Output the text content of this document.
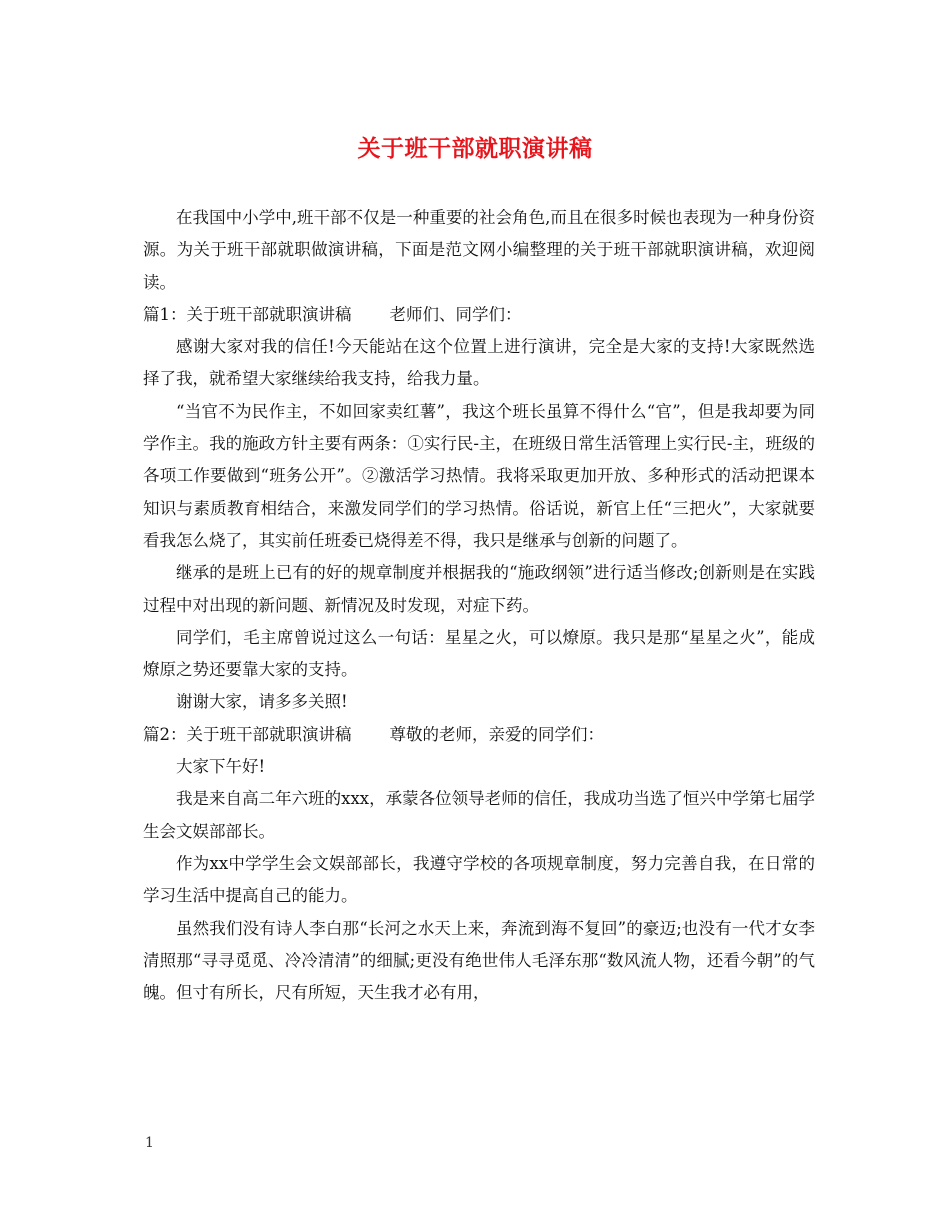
关于班干部就职演讲稿

在我国中小学中,班干部不仅是一种重要的社会角色,而且在很多时候也表现为一种身份资源。为关于班干部就职做演讲稿，下面是范文网小编整理的关于班干部就职演讲稿，欢迎阅读。

篇1：关于班干部就职演讲稿 老师们、同学们：

感谢大家对我的信任!今天能站在这个位置上进行演讲，完全是大家的支持!大家既然选择了我，就希望大家继续给我支持，给我力量。

“当官不为民作主，不如回家卖红薯”，我这个班长虽算不得什么“官”，但是我却要为同学作主。我的施政方针主要有两条：①实行民-主，在班级日常生活管理上实行民-主，班级的各项工作要做到“班务公开”。②激活学习热情。我将采取更加开放、多种形式的活动把课本知识与素质教育相结合，来激发同学们的学习热情。俗话说，新官上任“三把火”，大家就要看我怎么烧了，其实前任班委已烧得差不得，我只是继承与创新的问题了。

继承的是班上已有的好的规章制度并根据我的“施政纲领”进行适当修改;创新则是在实践过程中对出现的新问题、新情况及时发现，对症下药。

同学们，毛主席曾说过这么一句话：星星之火，可以燎原。我只是那“星星之火”，能成燎原之势还要靠大家的支持。

谢谢大家，请多多关照!

篇2：关于班干部就职演讲稿 尊敬的老师，亲爱的同学们：

大家下午好!

我是来自高二年六班的xxx，承蒙各位领导老师的信任，我成功当选了恒兴中学第七届学生会文娱部部长。

作为xx中学学生会文娱部部长，我遵守学校的各项规章制度，努力完善自我，在日常的学习生活中提高自己的能力。

虽然我们没有诗人李白那“长河之水天上来，奔流到海不复回”的豪迈;也没有一代才女李清照那“寻寻觅觅、冷冷清清”的细腻;更没有绝世伟人毛泽东那“数风流人物，还看今朝”的气魄。但寸有所长，尺有所短，天生我才必有用，

1
